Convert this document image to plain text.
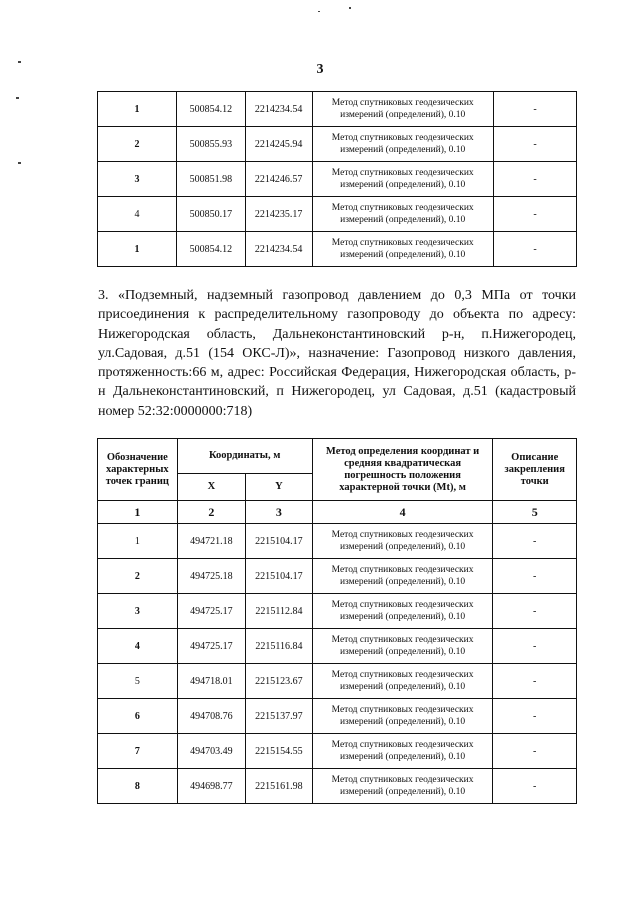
3
1	500854.12	2214234.54	Метод спутниковых геодезических измерений (определений), 0.10	-
2	500855.93	2214245.94	Метод спутниковых геодезических измерений (определений), 0.10	-
3	500851.98	2214246.57	Метод спутниковых геодезических измерений (определений), 0.10	-
4	500850.17	2214235.17	Метод спутниковых геодезических измерений (определений), 0.10	-
1	500854.12	2214234.54	Метод спутниковых геодезических измерений (определений), 0.10	-
3. «Подземный, надземный газопровод давлением до 0,3 МПа от точки присоединения к распределительному газопроводу до объекта по адресу: Нижегородская область, Дальнеконстантиновский р-н, п.Нижегородец, ул.Садовая, д.51 (154 ОКС-Л)», назначение: Газопровод низкого давления, протяженность:66 м, адрес: Российская Федерация, Нижегородская область, р-н Дальнеконстантиновский, п Нижегородец, ул Садовая, д.51 (кадастровый номер 52:32:0000000:718)
Обозначение характерных точек границ	Координаты, м		Метод определения координат и средняя квадратическая погрешность положения характерной точки (Mt), м	Описание закрепления точки
	X	Y		
1	2	3	4	5
1	494721.18	2215104.17	Метод спутниковых геодезических измерений (определений), 0.10	-
2	494725.18	2215104.17	Метод спутниковых геодезических измерений (определений), 0.10	-
3	494725.17	2215112.84	Метод спутниковых геодезических измерений (определений), 0.10	-
4	494725.17	2215116.84	Метод спутниковых геодезических измерений (определений), 0.10	-
5	494718.01	2215123.67	Метод спутниковых геодезических измерений (определений), 0.10	-
6	494708.76	2215137.97	Метод спутниковых геодезических измерений (определений), 0.10	-
7	494703.49	2215154.55	Метод спутниковых геодезических измерений (определений), 0.10	-
8	494698.77	2215161.98	Метод спутниковых геодезических измерений (определений), 0.10	-
